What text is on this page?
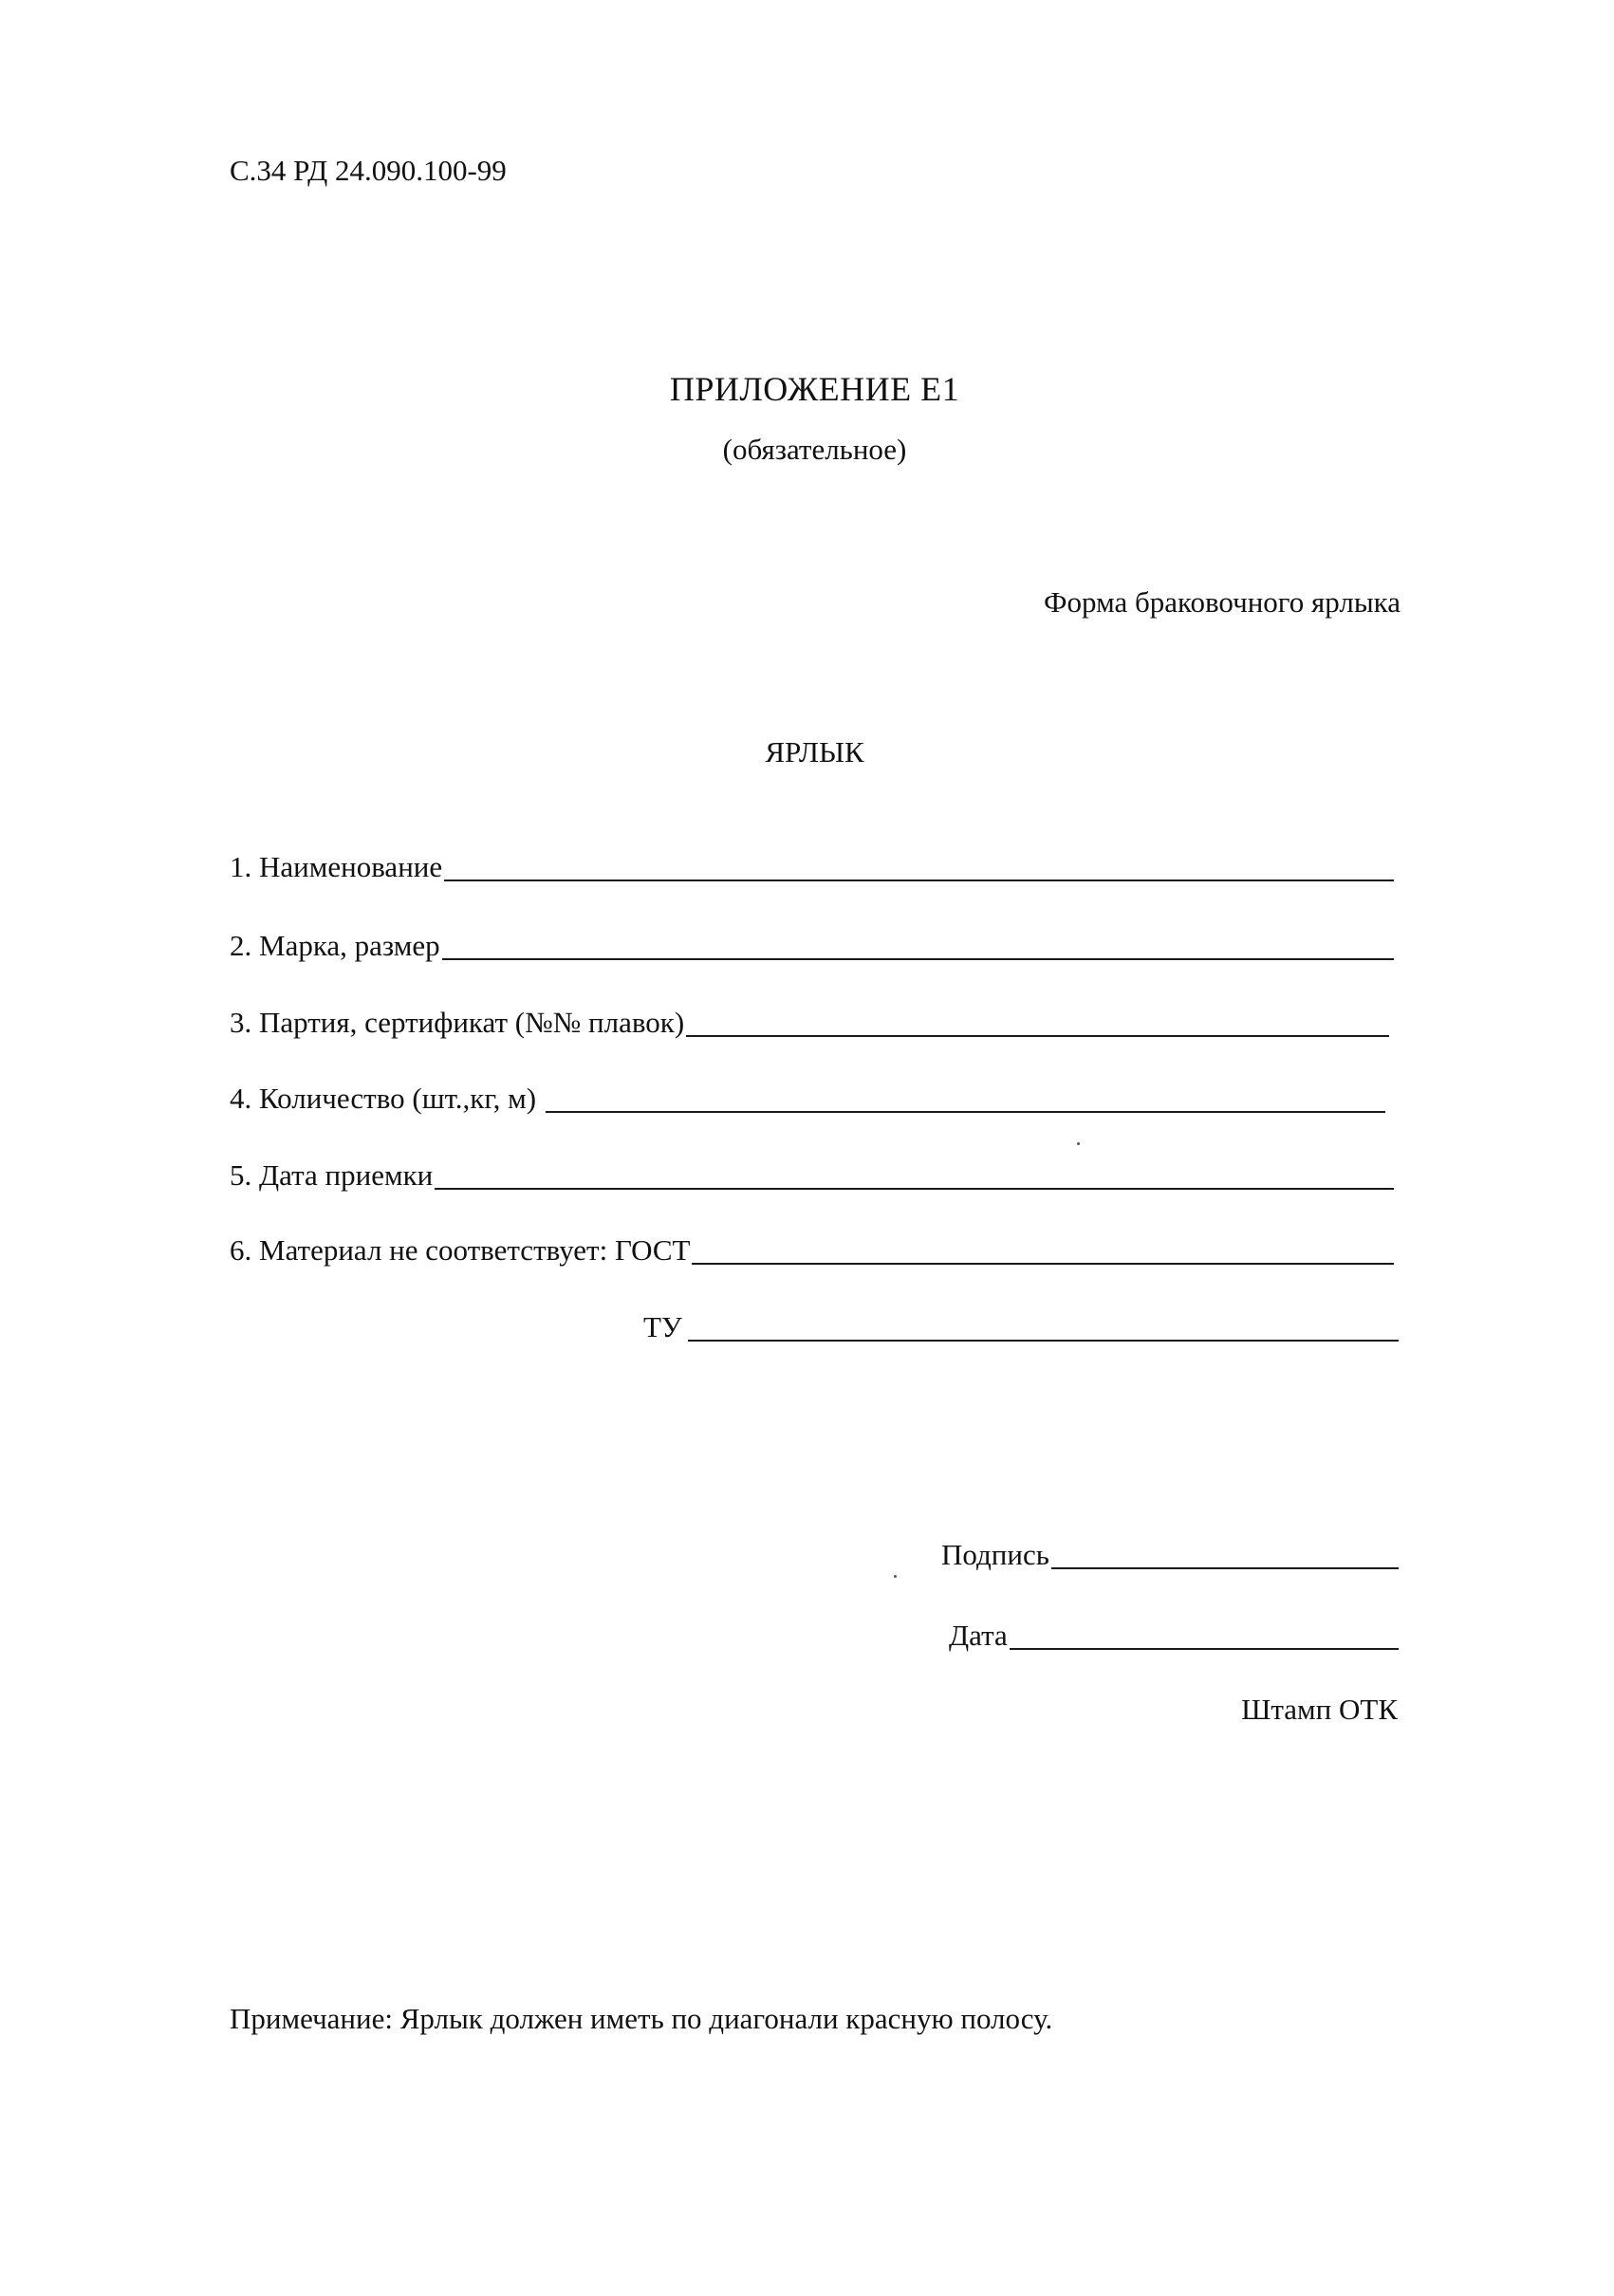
С.34 РД 24.090.100-99
ПРИЛОЖЕНИЕ Е1
(обязательное)
Форма браковочного ярлыка
ЯРЛЫК
1. Наименование
2. Марка, размер
3. Партия, сертификат (№№ плавок)
4. Количество (шт.,кг, м)
5. Дата приемки
6. Материал не соответствует: ГОСТ
ТУ
Подпись
Дата
Штамп ОТК
Примечание: Ярлык должен иметь по диагонали красную полосу.
